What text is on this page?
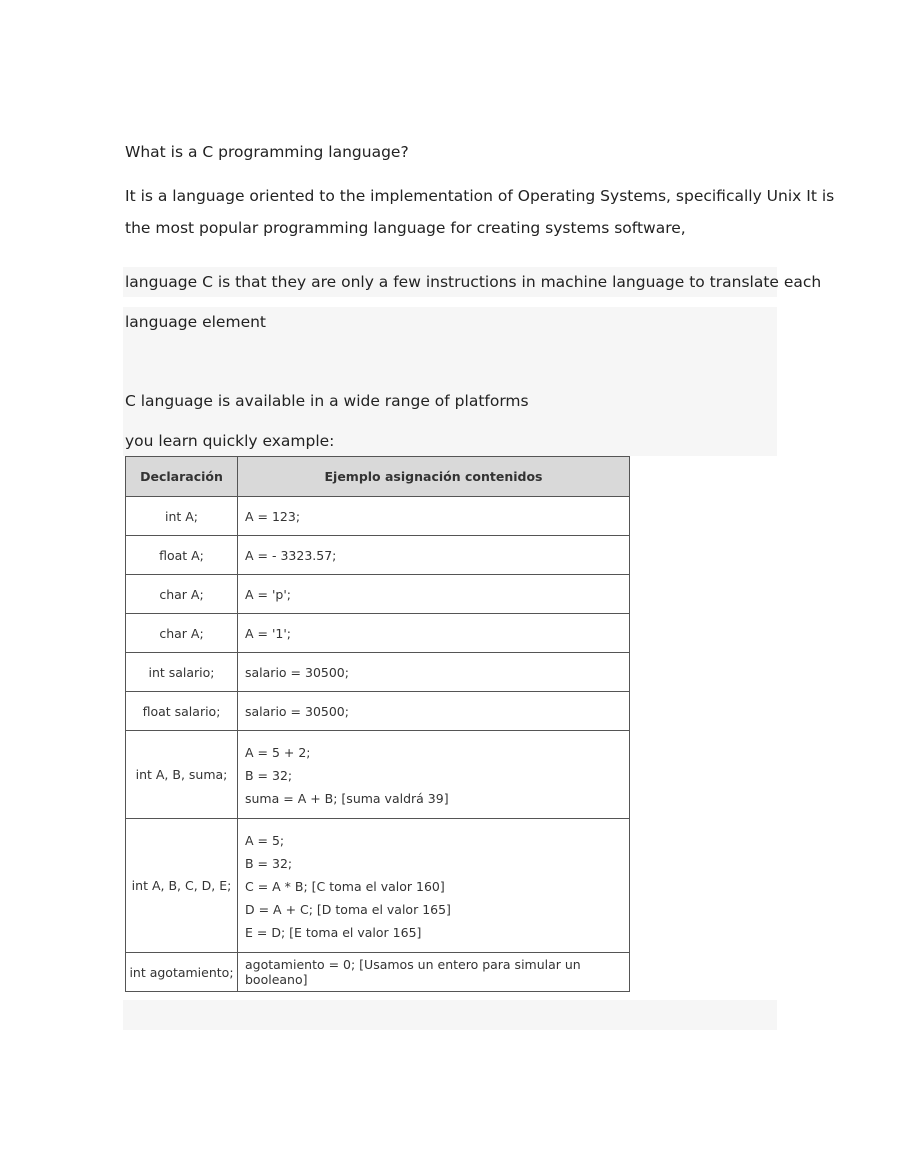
What is a C programming language?

It is a language oriented to the implementation of Operating Systems, specifically Unix It is

the most popular programming language for creating systems software,

language C is that they are only a few instructions in machine language to translate each

language element

C language is available in a wide range of platforms

you learn quickly example:

Declaración	Ejemplo asignación contenidos
int A;	A = 123;
float A;	A = - 3323.57;
char A;	A = 'p';
char A;	A = '1';
int salario;	salario = 30500;
float salario;	salario = 30500;
int A, B, suma;	A = 5 + 2;
B = 32;
suma = A + B; [suma valdrá 39]

int A, B, C, D, E;	A = 5;
B = 32;
C = A * B; [C toma el valor 160]
D = A + C; [D toma el valor 165]
E = D; [E toma el valor 165]

int agotamiento;	agotamiento = 0; [Usamos un entero para simular un booleano]
